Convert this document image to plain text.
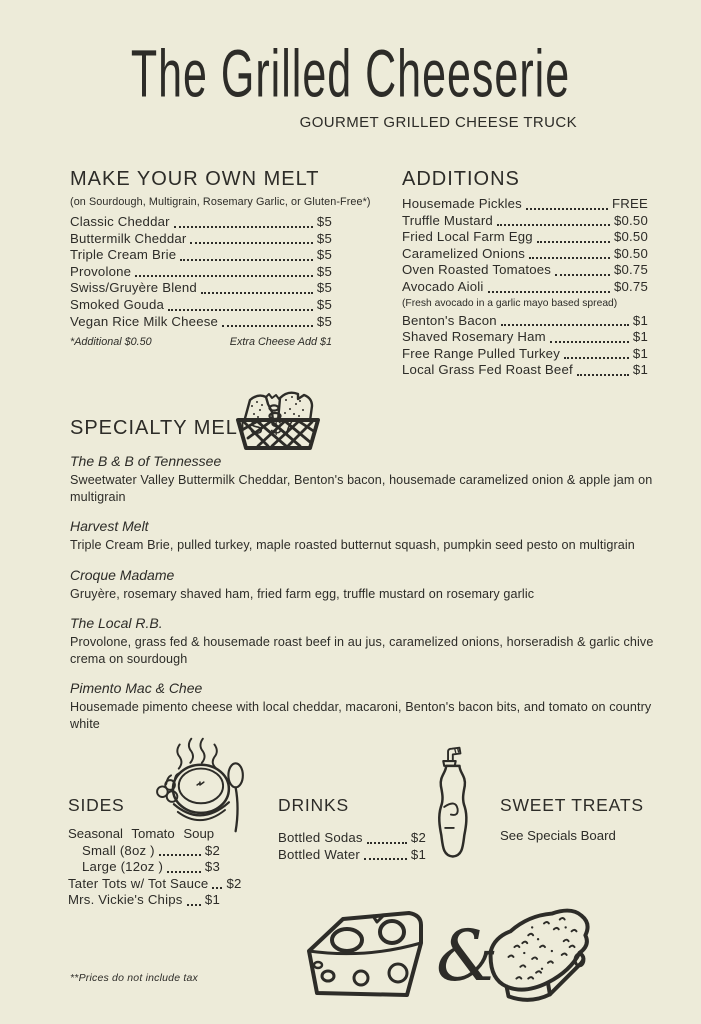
The Grilled Cheeserie
GOURMET GRILLED CHEESE TRUCK
MAKE YOUR OWN MELT
(on Sourdough, Multigrain, Rosemary Garlic, or Gluten-Free*)
Classic Cheddar	$5
Buttermilk Cheddar	$5
Triple Cream Brie	$5
Provolone	$5
Swiss/Gruyère Blend	$5
Smoked Gouda	$5
Vegan Rice Milk Cheese	$5
*Additional $0.50	Extra Cheese Add $1
ADDITIONS
Housemade Pickles	FREE
Truffle Mustard	$0.50
Fried Local Farm Egg	$0.50
Caramelized Onions	$0.50
Oven Roasted Tomatoes	$0.75
Avocado Aioli	$0.75
(Fresh avocado in a garlic mayo based spread)
Benton's Bacon	$1
Shaved Rosemary Ham	$1
Free Range Pulled Turkey	$1
Local Grass Fed Roast Beef	$1
SPECIALTY MELTS $7
The B & B of Tennessee
Sweetwater Valley Buttermilk Cheddar, Benton's bacon, housemade caramelized onion & apple jam on multigrain
Harvest Melt
Triple Cream Brie, pulled turkey, maple roasted butternut squash, pumpkin seed pesto on multigrain
Croque Madame
Gruyère, rosemary shaved ham, fried farm egg, truffle mustard on rosemary garlic
The Local R.B.
Provolone, grass fed & housemade roast beef in au jus, caramelized onions, horseradish & garlic chive crema on sourdough
Pimento Mac & Chee
Housemade pimento cheese with local cheddar, macaroni, Benton's bacon bits, and tomato on country white
SIDES
Seasonal Tomato Soup
Small (8oz )	$2
Large (12oz )	$3
Tater Tots w/ Tot Sauce $2
Mrs. Vickie's Chips $1
DRINKS
Bottled Sodas	$2
Bottled Water	$1
SWEET TREATS
See Specials Board
&
**Prices do not include tax
